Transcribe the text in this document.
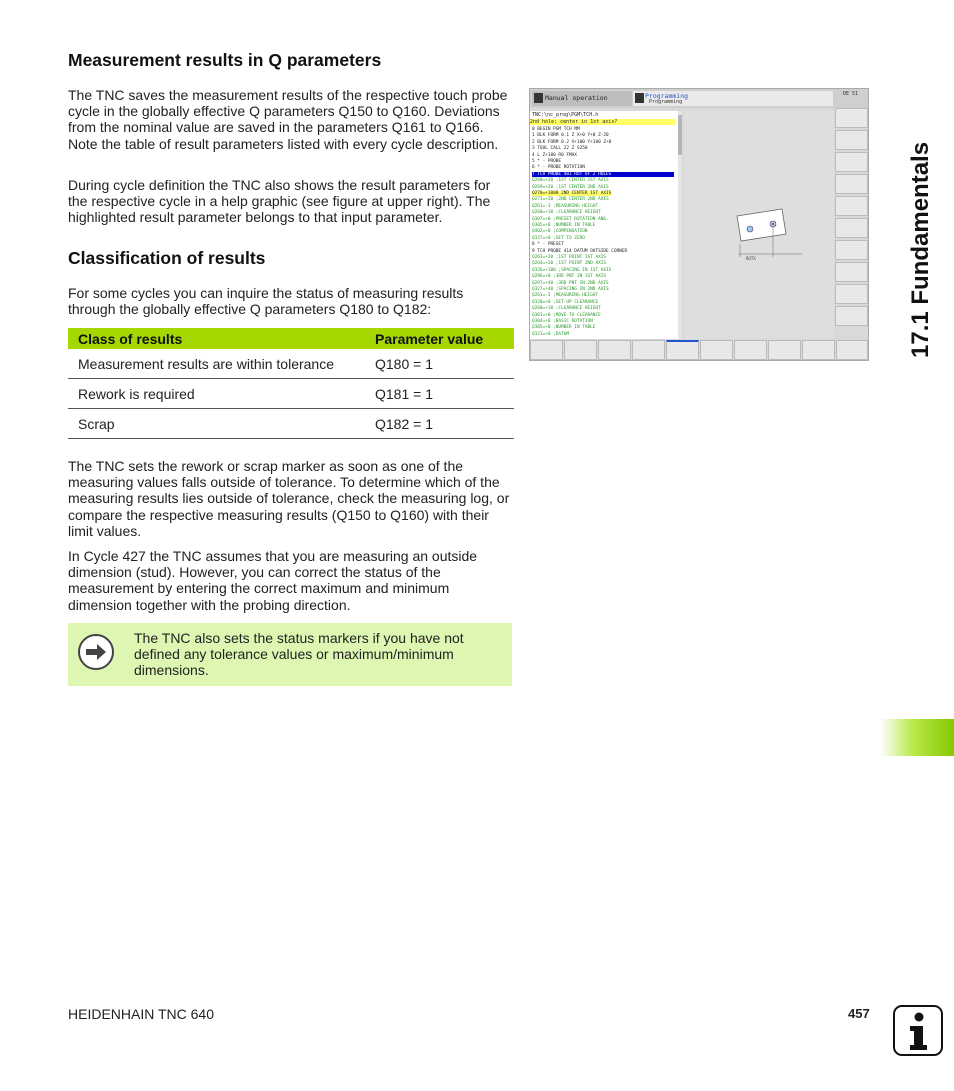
Measurement results in Q parameters

The TNC saves the measurement results of the respective touch probe cycle in the globally effective Q parameters Q150 to Q160. Deviations from the nominal value are saved in the parameters Q161 to Q166. Note the table of result parameters listed with every cycle description.

During cycle definition the TNC also shows the result parameters for the respective cycle in a help graphic (see figure at upper right). The highlighted result parameter belongs to that input parameter.

Classification of results

For some cycles you can inquire the status of measuring results through the globally effective Q parameters Q180 to Q182:

Class of results	Parameter value
Measurement results are within tolerance	Q180 = 1
Rework is required	Q181 = 1
Scrap	Q182 = 1

The TNC sets the rework or scrap marker as soon as one of the measuring values falls outside of tolerance. To determine which of the measuring results lies outside of tolerance, check the measuring log, or compare the respective measuring results (Q150 to Q160) with their limit values.

In Cycle 427 the TNC assumes that you are measuring an outside dimension (stud). However, you can correct the status of the measurement by entering the correct maximum and minimum dimension together with the probing direction.

The TNC also sets the status markers if you have not defined any tolerance values or maximum/minimum dimensions.
Manual operation	Programming
Programming
DE 51
TNC:\nc_prog\PGM\TCH.h
2nd hole: center in 1st axis?
0 BEGIN PGM TCH MM
1 BLK FORM 0.1 Z X+0 Y+0 Z-20
2 BLK FORM 0.2 X+100 Y+100 Z+0
3 TOOL CALL 22 Z S250
4 L Z+100 R0 FMAX
5 * - PROBE
6 * - PROBE ROTATION
7 TCH PROBE 401 ROT OF 2 HOLES
Q268=+20 ;1ST CENTER 1ST AXIS
Q269=+20 ;1ST CENTER 2ND AXIS
Q270=+1000 2ND CENTER 1ST AXIS
Q271=+20 ;2ND CENTER 2ND AXIS
Q261=-3 ;MEASURING HEIGHT
Q260=+10 ;CLEARANCE HEIGHT
Q307=+0 ;PRESET ROTATION ANG.
Q305=+0 ;NUMBER IN TABLE
Q402=+0 ;COMPENSATION
Q337=+0 ;SET TO ZERO
8 * - PRESET
9 TCH PROBE 414 DATUM OUTSIDE CORNER
Q263=+20 ;1ST POINT 1ST AXIS
Q264=+20 ;1ST POINT 2ND AXIS
Q326=+100 ;SPACING IN 1ST AXIS
Q296=+0 ;3RD PNT IN 1ST AXIS
Q297=+40 ;3RD PNT IN 2ND AXIS
Q327=+40 ;SPACING IN 2ND AXIS
Q261=-3 ;MEASURING HEIGHT
Q320=+0 ;SET-UP CLEARANCE
Q260=+10 ;CLEARANCE HEIGHT
Q301=+0 ;MOVE TO CLEARANCE
Q304=+0 ;BASIC ROTATION
Q305=+0 ;NUMBER IN TABLE
Q331=+0 ;DATUM
ROTX	17.1 Fundamentals
HEIDENHAIN TNC 640	457
